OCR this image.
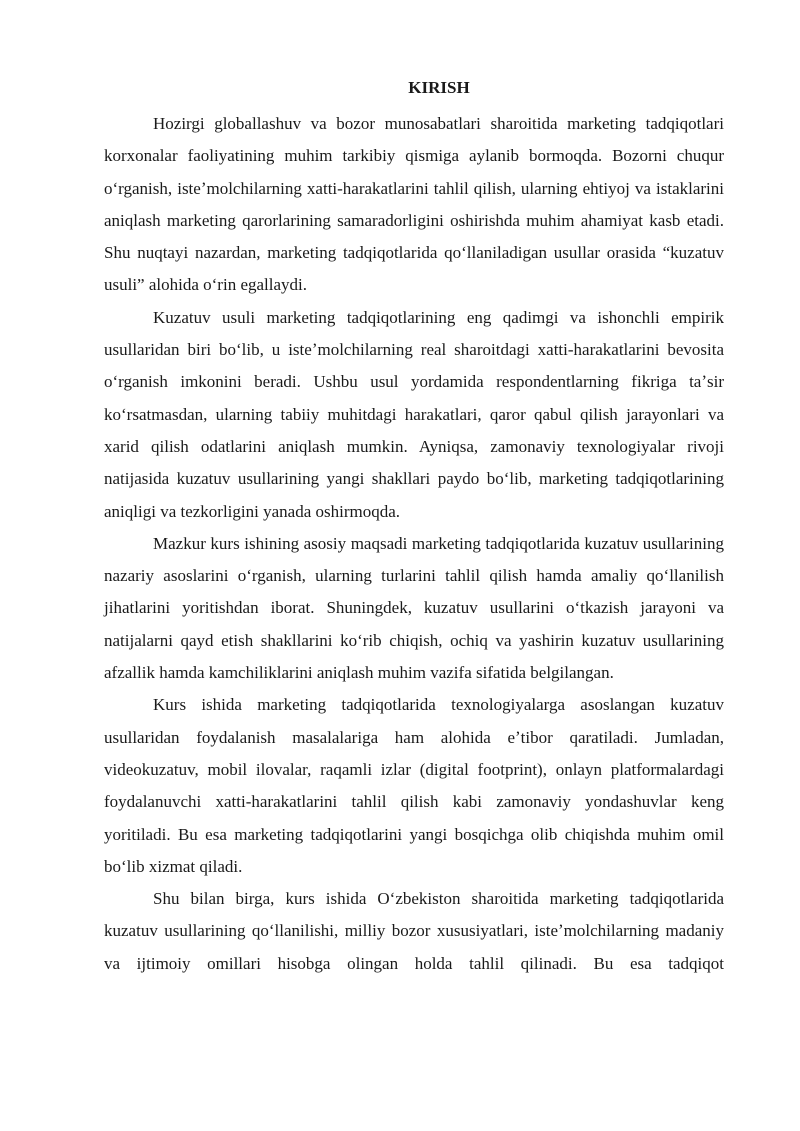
KIRISH

Hozirgi globallashuv va bozor munosabatlari sharoitida marketing tadqiqotlari korxonalar faoliyatining muhim tarkibiy qismiga aylanib bormoqda. Bozorni chuqur oʻrganish, isteʼmolchilarning xatti-harakatlarini tahlil qilish, ularning ehtiyoj va istaklarini aniqlash marketing qarorlarining samaradorligini oshirishda muhim ahamiyat kasb etadi. Shu nuqtayi nazardan, marketing tadqiqotlarida qoʻllaniladigan usullar orasida “kuzatuv usuli” alohida oʻrin egallaydi.

Kuzatuv usuli marketing tadqiqotlarining eng qadimgi va ishonchli empirik usullaridan biri boʻlib, u isteʼmolchilarning real sharoitdagi xatti-harakatlarini bevosita oʻrganish imkonini beradi. Ushbu usul yordamida respondentlarning fikriga taʼsir koʻrsatmasdan, ularning tabiiy muhitdagi harakatlari, qaror qabul qilish jarayonlari va xarid qilish odatlarini aniqlash mumkin. Ayniqsa, zamonaviy texnologiyalar rivoji natijasida kuzatuv usullarining yangi shakllari paydo boʻlib, marketing tadqiqotlarining aniqligi va tezkorligini yanada oshirmoqda.

Mazkur kurs ishining asosiy maqsadi marketing tadqiqotlarida kuzatuv usullarining nazariy asoslarini oʻrganish, ularning turlarini tahlil qilish hamda amaliy qoʻllanilish jihatlarini yoritishdan iborat. Shuningdek, kuzatuv usullarini oʻtkazish jarayoni va natijalarni qayd etish shakllarini koʻrib chiqish, ochiq va yashirin kuzatuv usullarining afzallik hamda kamchiliklarini aniqlash muhim vazifa sifatida belgilangan.

Kurs ishida marketing tadqiqotlarida texnologiyalarga asoslangan kuzatuv usullaridan foydalanish masalalariga ham alohida eʼtibor qaratiladi. Jumladan, videokuzatuv, mobil ilovalar, raqamli izlar (digital footprint), onlayn platformalardagi foydalanuvchi xatti-harakatlarini tahlil qilish kabi zamonaviy yondashuvlar keng yoritiladi. Bu esa marketing tadqiqotlarini yangi bosqichga olib chiqishda muhim omil boʻlib xizmat qiladi.

Shu bilan birga, kurs ishida Oʻzbekiston sharoitida marketing tadqiqotlarida kuzatuv usullarining qoʻllanilishi, milliy bozor xususiyatlari, isteʼmolchilarning madaniy va ijtimoiy omillari hisobga olingan holda tahlil qilinadi. Bu esa tadqiqot
